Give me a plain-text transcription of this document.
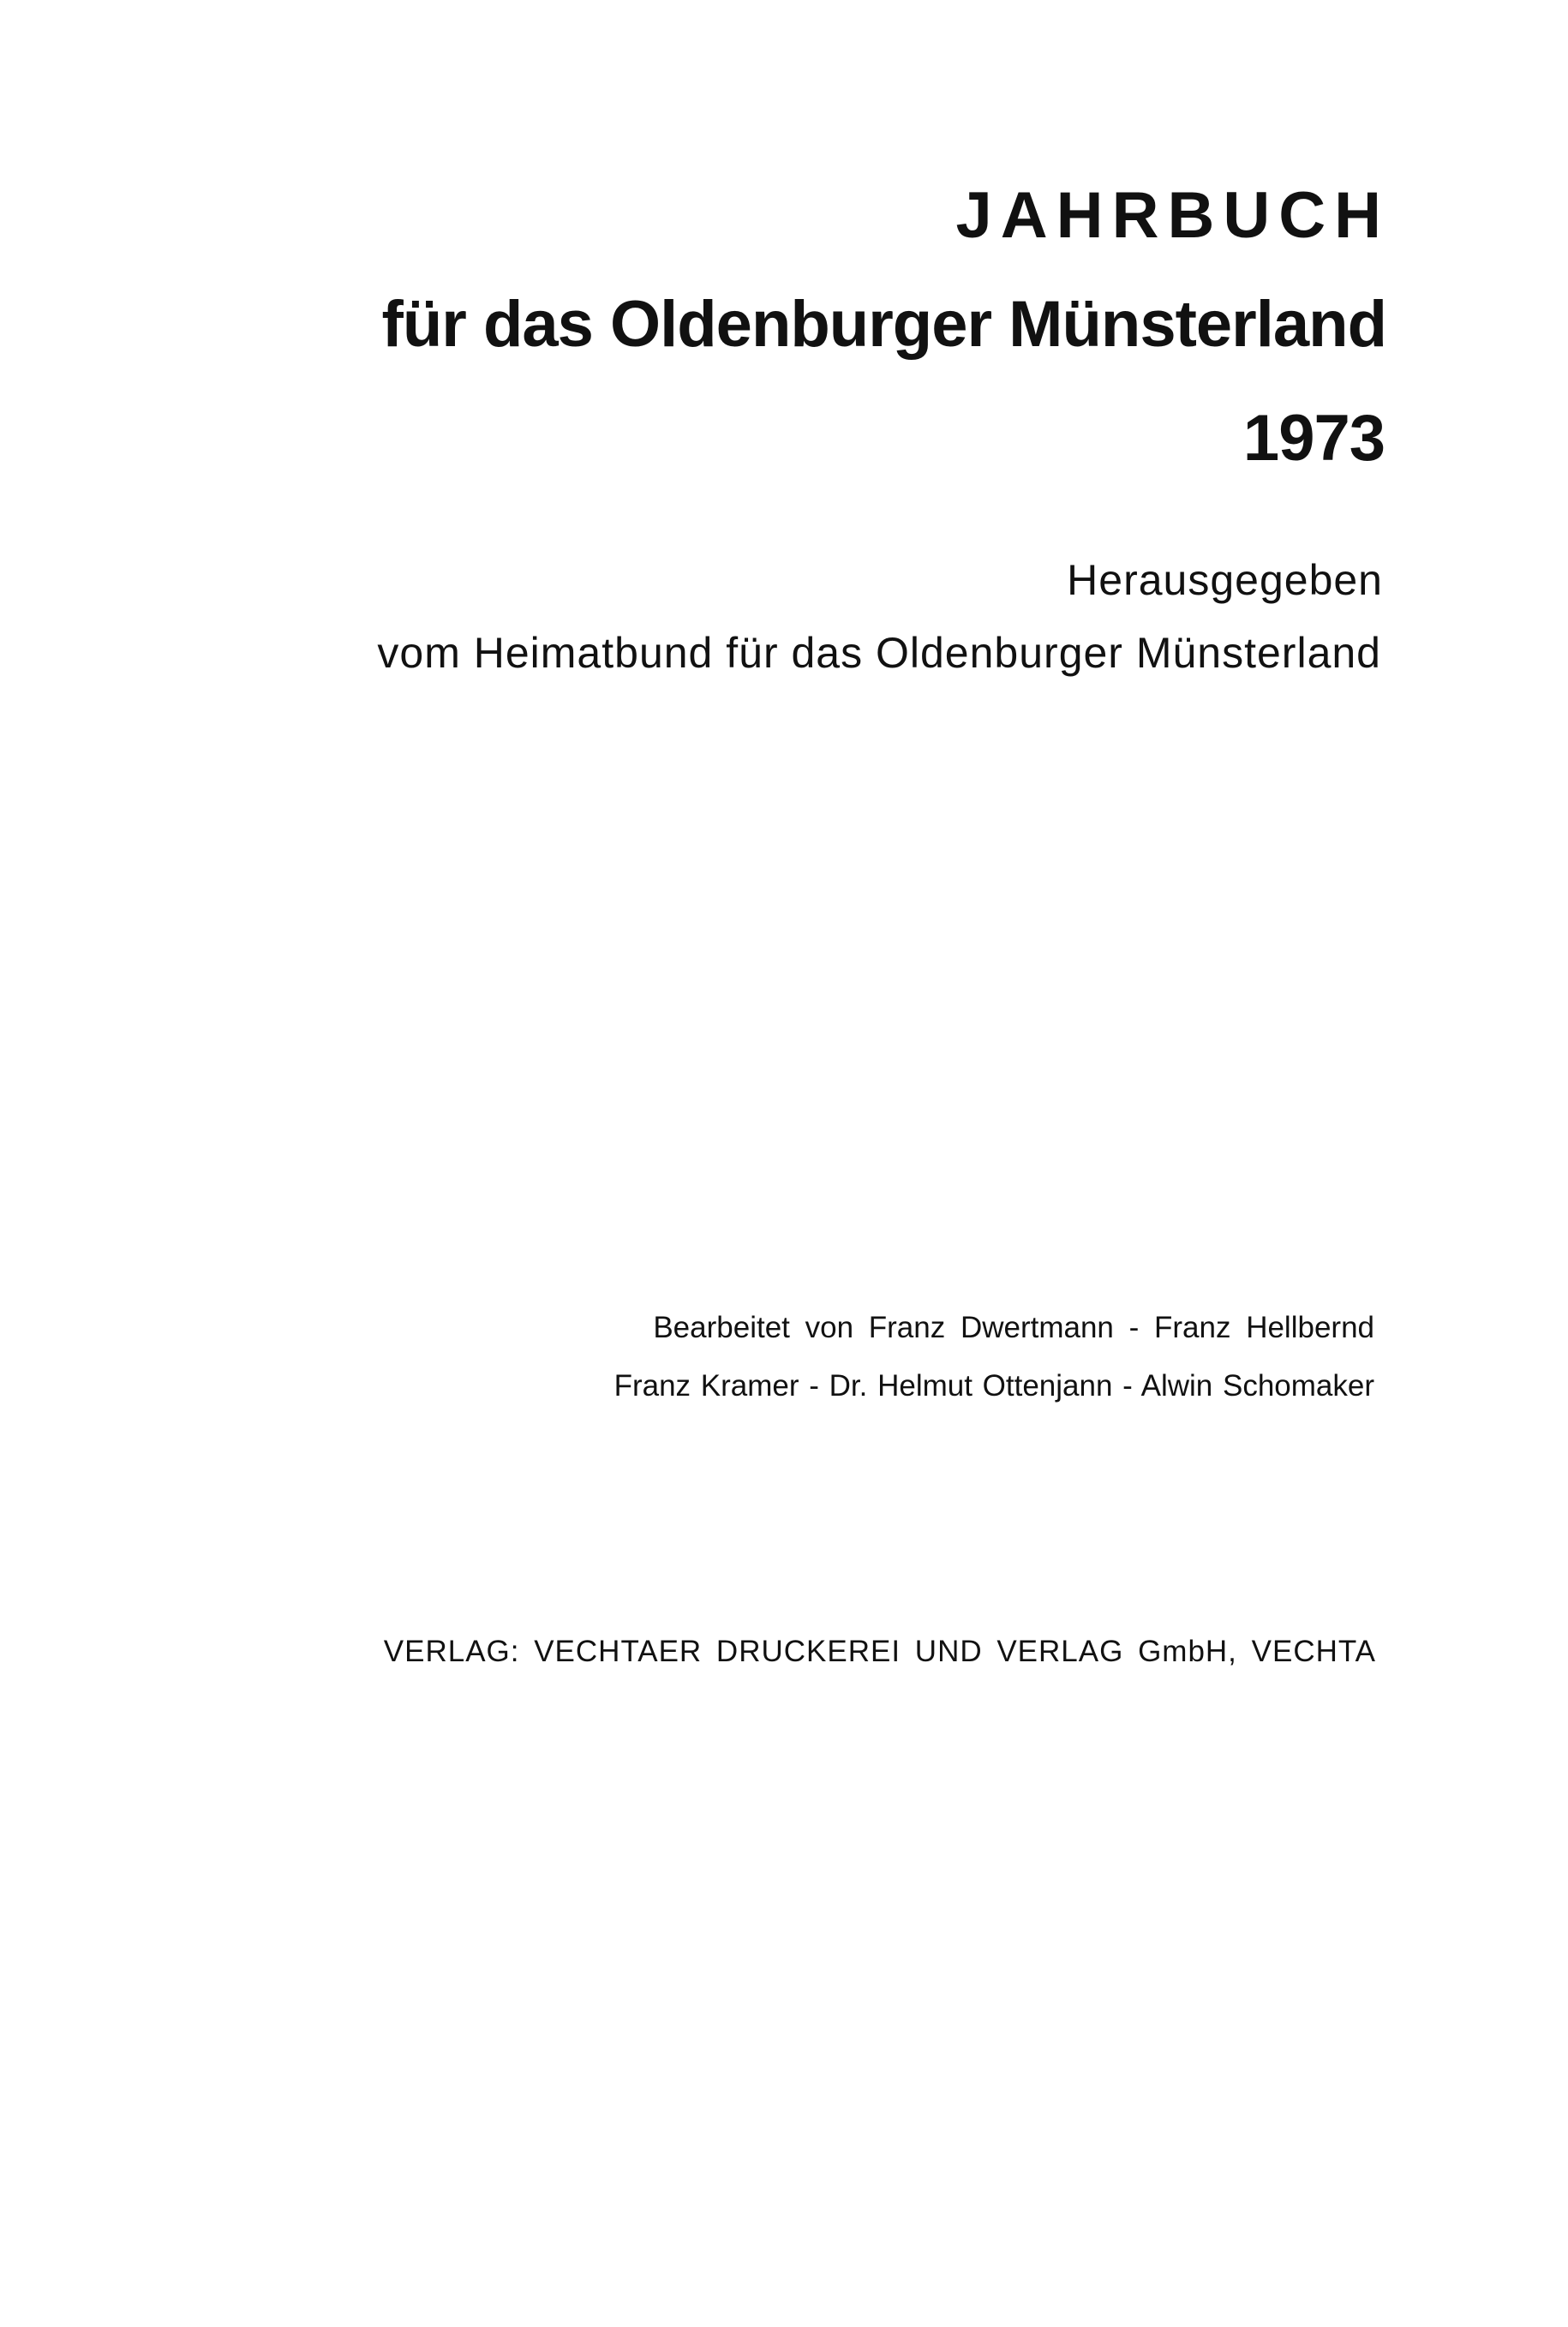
JAHRBUCH
für das Oldenburger Münsterland
1973
Herausgegeben
vom Heimatbund für das Oldenburger Münsterland
Bearbeitet von Franz Dwertmann - Franz Hellbernd
Franz Kramer - Dr. Helmut Ottenjann - Alwin Schomaker
VERLAG: VECHTAER DRUCKEREI UND VERLAG GmbH, VECHTA
